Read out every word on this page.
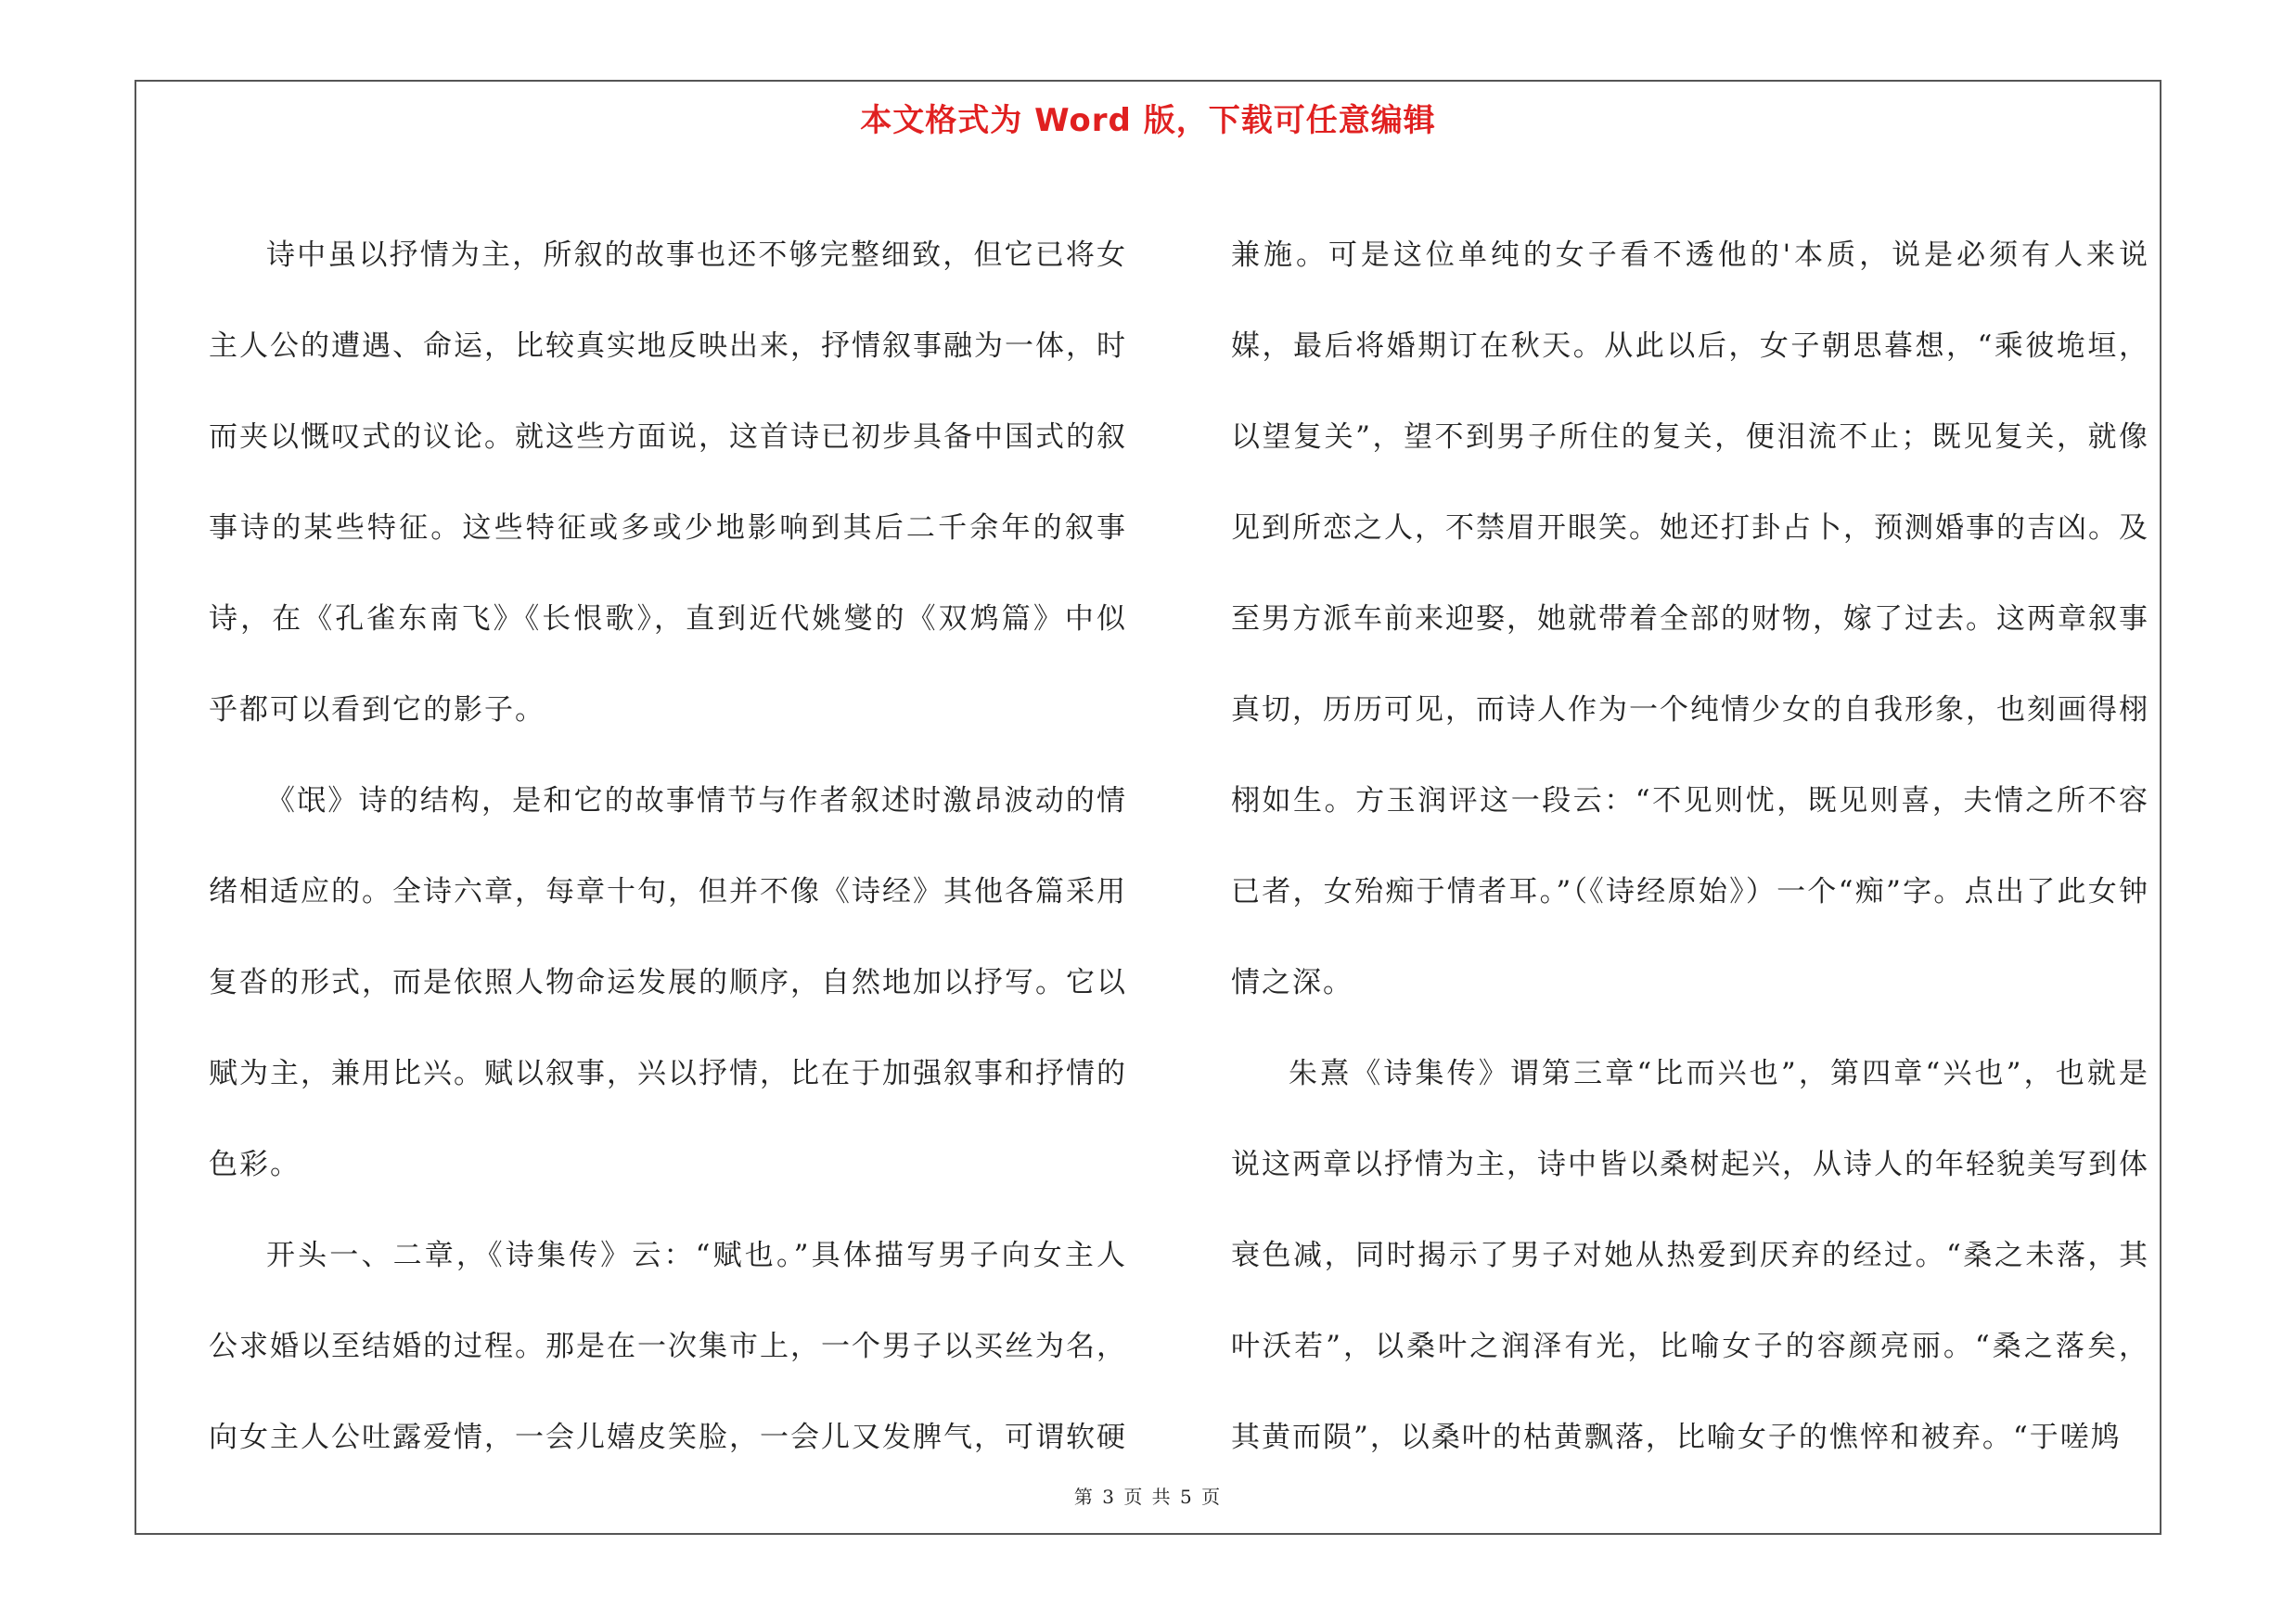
本文格式为 Word 版，下载可任意编辑

诗中虽以抒情为主，所叙的故事也还不够完整细致，但它已将女主人公的遭遇、命运，比较真实地反映出来，抒情叙事融为一体，时而夹以慨叹式的议论。就这些方面说，这首诗已初步具备中国式的叙事诗的某些特征。这些特征或多或少地影响到其后二千余年的叙事诗，在《孔雀东南飞》《长恨歌》，直到近代姚燮的《双鸩篇》中似乎都可以看到它的影子。

《氓》诗的结构，是和它的故事情节与作者叙述时激昂波动的情绪相适应的。全诗六章，每章十句，但并不像《诗经》其他各篇采用复沓的形式，而是依照人物命运发展的顺序，自然地加以抒写。它以赋为主，兼用比兴。赋以叙事，兴以抒情，比在于加强叙事和抒情的色彩。

开头一、二章，《诗集传》云：“赋也。”具体描写男子向女主人公求婚以至结婚的过程。那是在一次集市上，一个男子以买丝为名，向女主人公吐露爱情，一会儿嬉皮笑脸，一会儿又发脾气，可谓软硬

兼施。可是这位单纯的女子看不透他的'本质，说是必须有人来说媒，最后将婚期订在秋天。从此以后，女子朝思暮想，“乘彼垝垣，以望复关”，望不到男子所住的复关，便泪流不止；既见复关，就像见到所恋之人，不禁眉开眼笑。她还打卦占卜，预测婚事的吉凶。及至男方派车前来迎娶，她就带着全部的财物，嫁了过去。这两章叙事真切，历历可见，而诗人作为一个纯情少女的自我形象，也刻画得栩栩如生。方玉润评这一段云：“不见则忧，既见则喜，夫情之所不容已者，女殆痴于情者耳。”（《诗经原始》）一个“痴”字。点出了此女钟情之深。

朱熹《诗集传》谓第三章“比而兴也”，第四章“兴也”，也就是说这两章以抒情为主，诗中皆以桑树起兴，从诗人的年轻貌美写到体衰色减，同时揭示了男子对她从热爱到厌弃的经过。“桑之未落，其叶沃若”，以桑叶之润泽有光，比喻女子的容颜亮丽。“桑之落矣，其黄而陨”，以桑叶的枯黄飘落，比喻女子的憔悴和被弃。“于嗟鸠

第 3 页 共 5 页
